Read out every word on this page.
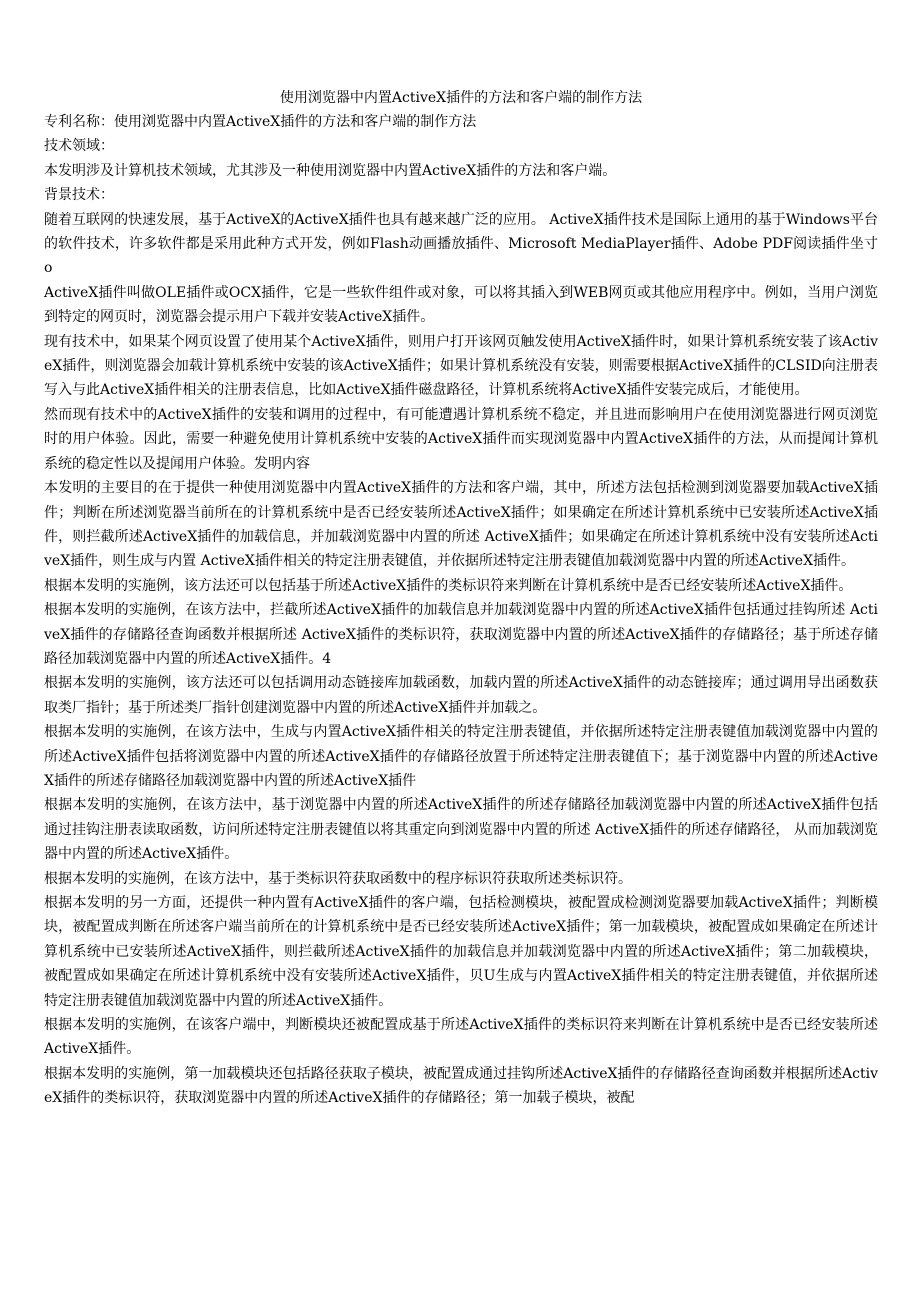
使用浏览器中内置ActiveX插件的方法和客户端的制作方法

专利名称：使用浏览器中内置ActiveX插件的方法和客户端的制作方法

技术领域：

本发明涉及计算机技术领域，尤其涉及一种使用浏览器中内置ActiveX插件的方法和客户端。

背景技术：

随着互联网的快速发展，基于ActiveX的ActiveX插件也具有越来越广泛的应用。 ActiveX插件技术是国际上通用的基于Windows平台的软件技术，许多软件都是采用此种方式开发，例如Flash动画播放插件、Microsoft MediaPlayer插件、Adobe PDF阅读插件坐寸 o

ActiveX插件叫做OLE插件或OCX插件，它是一些软件组件或对象，可以将其插入到WEB网页或其他应用程序中。例如，当用户浏览到特定的网页时，浏览器会提示用户下载并安装ActiveX插件。

现有技术中，如果某个网页设置了使用某个ActiveX插件，则用户打开该网页触发使用ActiveX插件时，如果计算机系统安装了该ActiveX插件，则浏览器会加载计算机系统中安装的该ActiveX插件；如果计算机系统没有安装，则需要根据ActiveX插件的CLSID向注册表写入与此ActiveX插件相关的注册表信息，比如ActiveX插件磁盘路径，计算机系统将ActiveX插件安装完成后，才能使用。

然而现有技术中的ActiveX插件的安装和调用的过程中，有可能遭遇计算机系统不稳定，并且进而影响用户在使用浏览器进行网页浏览时的用户体验。因此，需要一种避免使用计算机系统中安装的ActiveX插件而实现浏览器中内置ActiveX插件的方法，从而提闻计算机系统的稳定性以及提闻用户体验。发明内容

本发明的主要目的在于提供一种使用浏览器中内置ActiveX插件的方法和客户端，其中，所述方法包括检测到浏览器要加载ActiveX插件；判断在所述浏览器当前所在的计算机系统中是否已经安装所述ActiveX插件；如果确定在所述计算机系统中已安装所述ActiveX插件，则拦截所述ActiveX插件的加载信息，并加载浏览器中内置的所述 ActiveX插件；如果确定在所述计算机系统中没有安装所述ActiveX插件，则生成与内置 ActiveX插件相关的特定注册表键值，并依据所述特定注册表键值加载浏览器中内置的所述ActiveX插件。

根据本发明的实施例，该方法还可以包括基于所述ActiveX插件的类标识符来判断在计算机系统中是否已经安装所述ActiveX插件。

根据本发明的实施例，在该方法中，拦截所述ActiveX插件的加载信息并加载浏览器中内置的所述ActiveX插件包括通过挂钩所述 ActiveX插件的存储路径查询函数并根据所述 ActiveX插件的类标识符，获取浏览器中内置的所述ActiveX插件的存储路径；基于所述存储路径加载浏览器中内置的所述ActiveX插件。4

根据本发明的实施例，该方法还可以包括调用动态链接库加载函数，加载内置的所述ActiveX插件的动态链接库；通过调用导出函数获取类厂指针；基于所述类厂指针创建浏览器中内置的所述ActiveX插件并加载之。

根据本发明的实施例，在该方法中，生成与内置ActiveX插件相关的特定注册表键值，并依据所述特定注册表键值加载浏览器中内置的所述ActiveX插件包括将浏览器中内置的所述ActiveX插件的存储路径放置于所述特定注册表键值下；基于浏览器中内置的所述ActiveX插件的所述存储路径加载浏览器中内置的所述ActiveX插件

根据本发明的实施例，在该方法中，基于浏览器中内置的所述ActiveX插件的所述存储路径加载浏览器中内置的所述ActiveX插件包括通过挂钩注册表读取函数，访问所述特定注册表键值以将其重定向到浏览器中内置的所述 ActiveX插件的所述存储路径， 从而加载浏览器中内置的所述ActiveX插件。

根据本发明的实施例，在该方法中，基于类标识符获取函数中的程序标识符获取所述类标识符。

根据本发明的另一方面，还提供一种内置有ActiveX插件的客户端，包括检测模块，被配置成检测浏览器要加载ActiveX插件；判断模块，被配置成判断在所述客户端当前所在的计算机系统中是否已经安装所述ActiveX插件；第一加载模块，被配置成如果确定在所述计算机系统中已安装所述ActiveX插件，则拦截所述ActiveX插件的加载信息并加载浏览器中内置的所述ActiveX插件；第二加载模块，被配置成如果确定在所述计算机系统中没有安装所述ActiveX插件，贝U生成与内置ActiveX插件相关的特定注册表键值，并依据所述特定注册表键值加载浏览器中内置的所述ActiveX插件。

根据本发明的实施例，在该客户端中，判断模块还被配置成基于所述ActiveX插件的类标识符来判断在计算机系统中是否已经安装所述ActiveX插件。

根据本发明的实施例，第一加载模块还包括路径获取子模块，被配置成通过挂钩所述ActiveX插件的存储路径查询函数并根据所述ActiveX插件的类标识符，获取浏览器中内置的所述ActiveX插件的存储路径；第一加载子模块，被配
